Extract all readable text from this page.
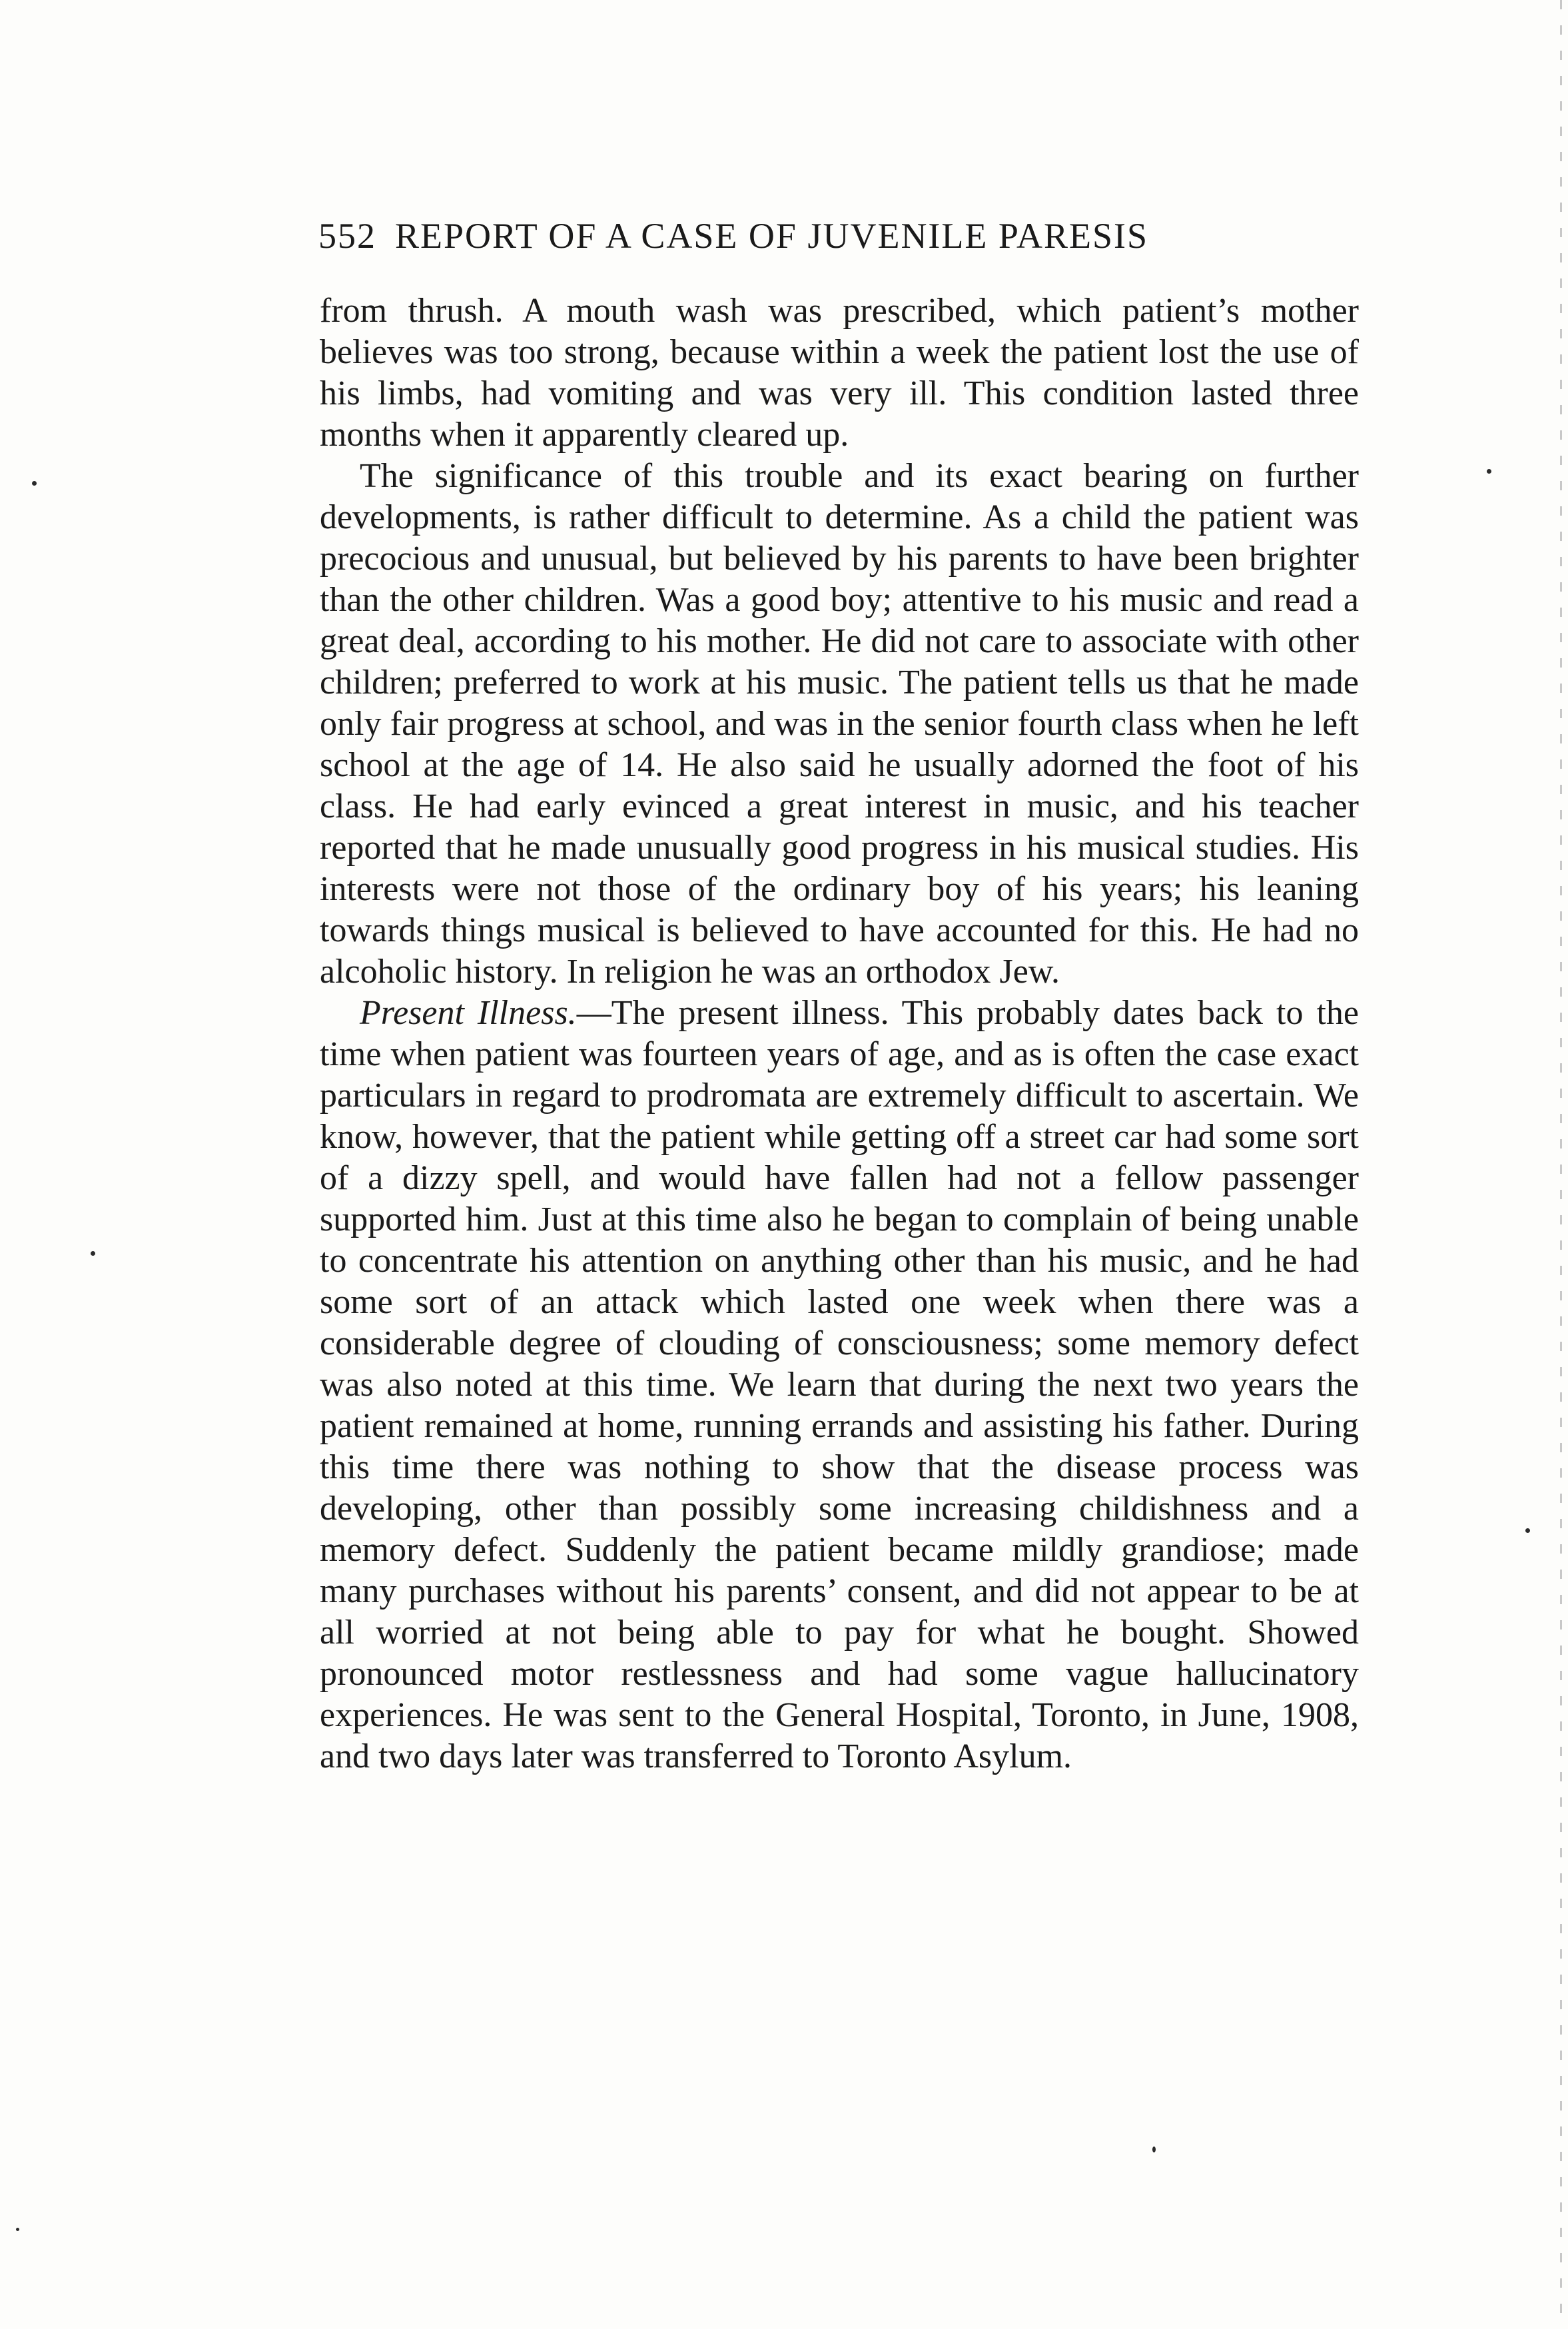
552 REPORT OF A CASE OF JUVENILE PARESIS

from thrush. A mouth wash was prescribed, which patient’s mother believes was too strong, because within a week the patient lost the use of his limbs, had vomiting and was very ill. This condition lasted three months when it apparently cleared up.

The significance of this trouble and its exact bearing on further developments, is rather difficult to determine. As a child the patient was precocious and unusual, but believed by his parents to have been brighter than the other children. Was a good boy; attentive to his music and read a great deal, according to his mother. He did not care to associate with other children; preferred to work at his music. The patient tells us that he made only fair progress at school, and was in the senior fourth class when he left school at the age of 14. He also said he usually adorned the foot of his class. He had early evinced a great interest in music, and his teacher reported that he made unusually good progress in his musical studies. His interests were not those of the ordinary boy of his years; his leaning towards things musical is believed to have accounted for this. He had no alcoholic history. In religion he was an orthodox Jew.

Present Illness.—The present illness. This probably dates back to the time when patient was fourteen years of age, and as is often the case exact particulars in regard to prodromata are extremely difficult to ascertain. We know, however, that the patient while getting off a street car had some sort of a dizzy spell, and would have fallen had not a fellow passenger supported him. Just at this time also he began to complain of being unable to concentrate his attention on anything other than his music, and he had some sort of an attack which lasted one week when there was a considerable degree of clouding of consciousness; some memory defect was also noted at this time. We learn that during the next two years the patient remained at home, running errands and assisting his father. During this time there was nothing to show that the disease process was developing, other than possibly some increasing childishness and a memory defect. Suddenly the patient became mildly grandiose; made many purchases without his parents’ consent, and did not appear to be at all worried at not being able to pay for what he bought. Showed pronounced motor restlessness and had some vague hallucinatory experiences. He was sent to the General Hospital, Toronto, in June, 1908, and two days later was transferred to Toronto Asylum.
